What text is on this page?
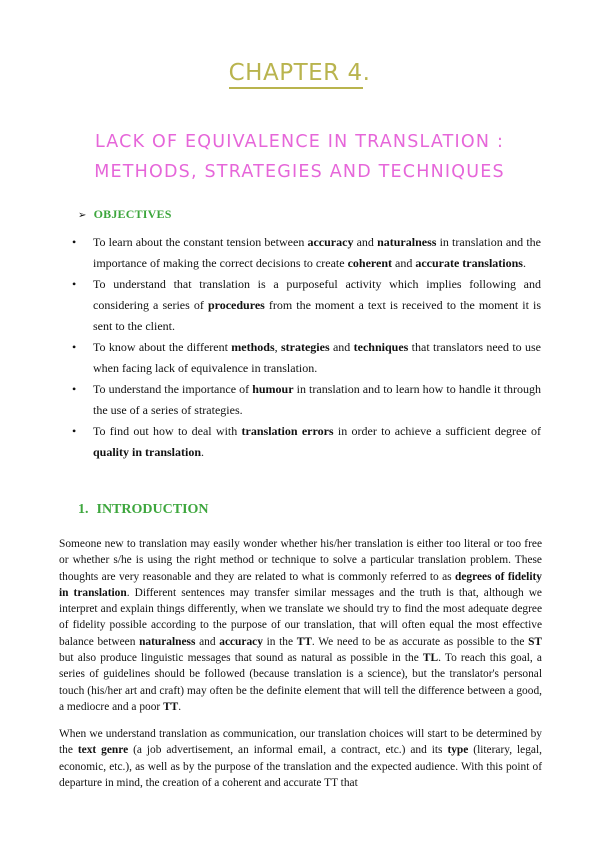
CHAPTER 4.
LACK OF EQUIVALENCE IN TRANSLATION :
METHODS, STRATEGIES AND TECHNIQUES
➢ OBJECTIVES
• To learn about the constant tension between accuracy and naturalness in translation and the importance of making the correct decisions to create coherent and accurate translations.
• To understand that translation is a purposeful activity which implies following and considering a series of procedures from the moment a text is received to the moment it is sent to the client.
• To know about the different methods, strategies and techniques that translators need to use when facing lack of equivalence in translation.
• To understand the importance of humour in translation and to learn how to handle it through the use of a series of strategies.
• To find out how to deal with translation errors in order to achieve a sufficient degree of quality in translation.
1. INTRODUCTION

Someone new to translation may easily wonder whether his/her translation is either too literal or too free or whether s/he is using the right method or technique to solve a particular translation problem. These thoughts are very reasonable and they are related to what is commonly referred to as degrees of fidelity in translation. Different sentences may transfer similar messages and the truth is that, although we interpret and explain things differently, when we translate we should try to find the most adequate degree of fidelity possible according to the purpose of our translation, that will often equal the most effective balance between naturalness and accuracy in the TT. We need to be as accurate as possible to the ST but also produce linguistic messages that sound as natural as possible in the TL. To reach this goal, a series of guidelines should be followed (because translation is a science), but the translator's personal touch (his/her art and craft) may often be the definite element that will tell the difference between a good, a mediocre and a poor TT.

When we understand translation as communication, our translation choices will start to be determined by the text genre (a job advertisement, an informal email, a contract, etc.) and its type (literary, legal, economic, etc.), as well as by the purpose of the translation and the expected audience. With this point of departure in mind, the creation of a coherent and accurate TT that
